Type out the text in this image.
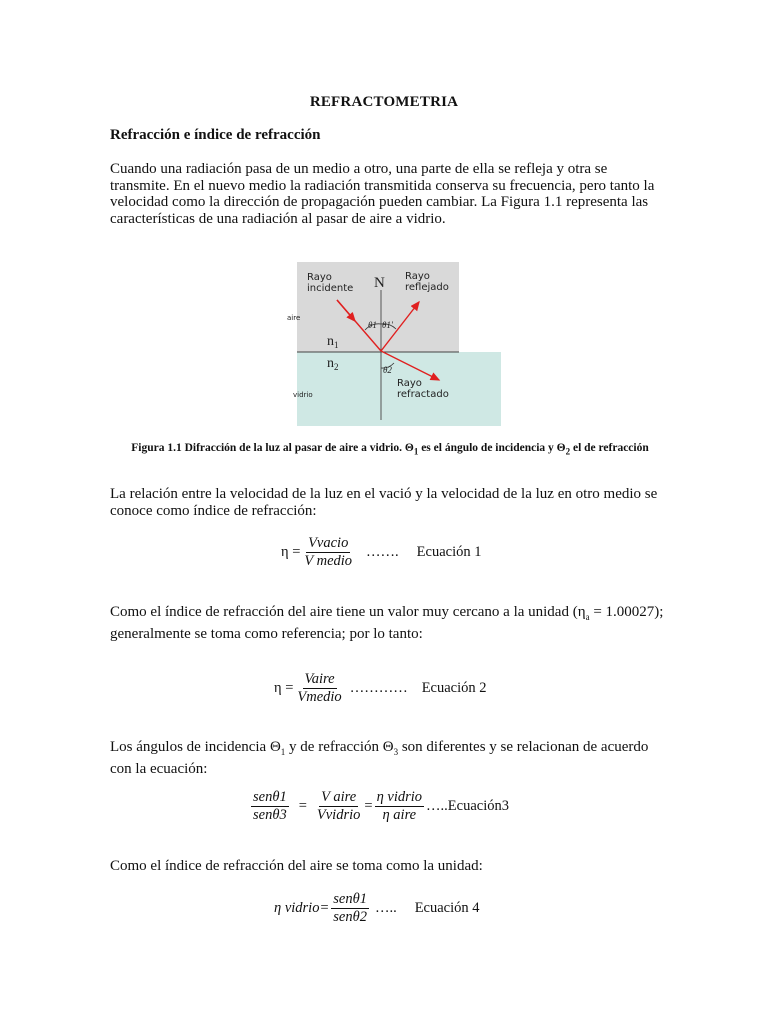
REFRACTOMETRIA
Refracción e índice de refracción
Cuando una radiación pasa de un medio a otro, una parte de ella se refleja y otra se transmite. En el nuevo medio la radiación transmitida conserva su frecuencia, pero tanto la velocidad como la dirección de propagación pueden cambiar. La Figura 1.1 representa las características de una radiación al pasar de aire a vidrio.
Rayo
incidente N Rayo
reflejado
aire
θ1 θ1'
$n_1$
$n_2$	θ2
vidrio
Rayo
refractado
Figura 1.1 Difracción de la luz al pasar de aire a vidrio. $\Theta_1$ es el ángulo de incidencia y $\Theta_2$ el de refracción
La relación entre la velocidad de la luz en el vació y la velocidad de la luz en otro medio se conoce como índice de refracción:
$\eta = \frac{\text{Vvacio}}{\text{V medio}}$ ……. Ecuación 1
Como el índice de refracción del aire tiene un valor muy cercano a la unidad $(\eta_a = 1.00027)$; generalmente se toma como referencia; por lo tanto:
$\eta = \frac{\text{Vaire}}{\text{Vmedio}}$ ………… Ecuación 2
Los ángulos de incidencia $\Theta_1$ y de refracción $\Theta_3$ son diferentes y se relacionan de acuerdo con la ecuación:
$\frac{\text{senθ1}}{\text{senθ3}} = \frac{\text{V aire}}{\text{Vvidrio}} = \frac{\text{η vidrio}}{\text{η aire}}$ …..Ecuación3
Como el índice de refracción del aire se toma como la unidad:
η vidrio= $\frac{\text{senθ1}}{\text{senθ2}}$ ….. Ecuación 4
